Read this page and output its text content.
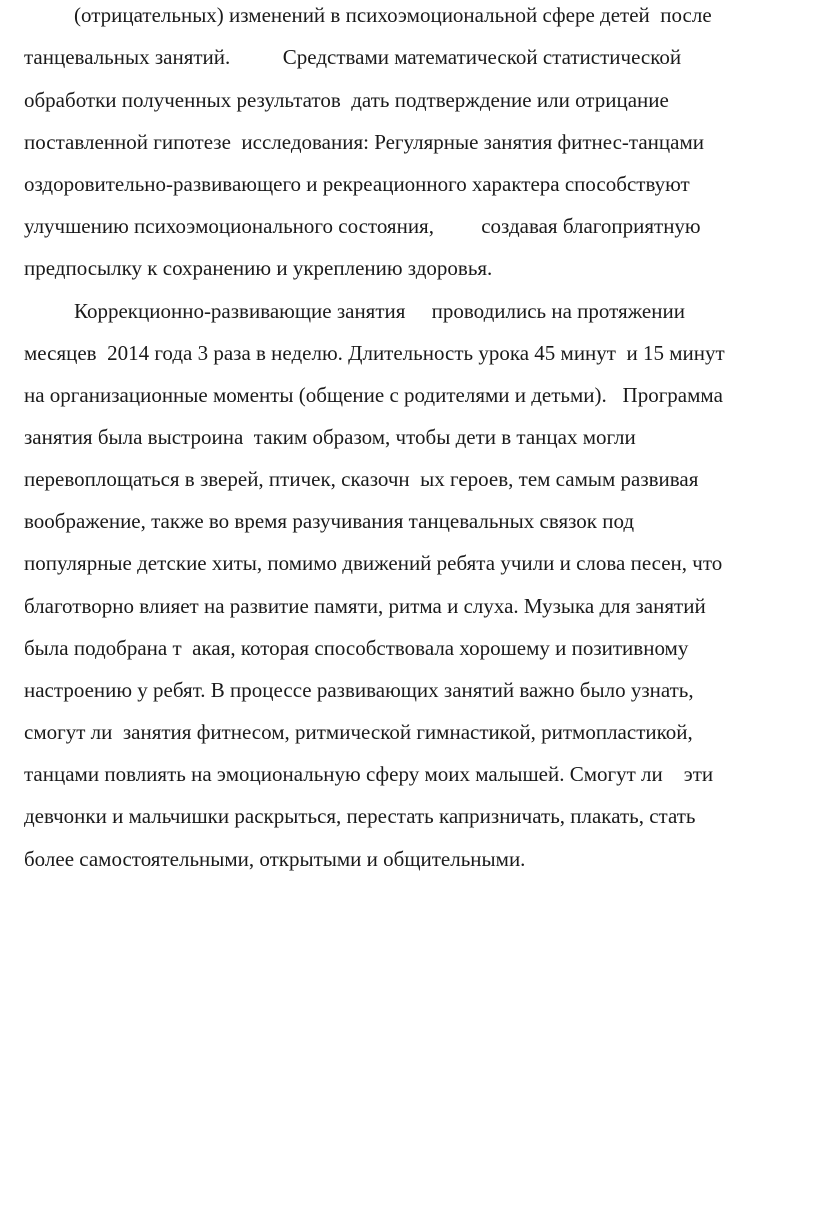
(отрицательных) изменений в психоэмоциональной сфере детей  после
танцевальных занятий.          Средствами математической статистической
обработки полученных результатов  дать подтверждение или отрицание
поставленной гипотезе  исследования: Регулярные занятия фитнес-танцами
оздоровительно-развивающего и рекреационного характера способствуют
улучшению психоэмоционального состояния,         создавая благоприятную
предпосылку к сохранению и укреплению здоровья.
Коррекционно-развивающие занятия     проводились на протяжении
месяцев  2014 года 3 раза в неделю. Длительность урока 45 минут  и 15 минут
на организационные моменты (общение с родителями и детьми).   Программа
занятия была выстроина  таким образом, чтобы дети в танцах могли
перевоплощаться в зверей, птичек, сказочн  ых героев, тем самым развивая
воображение, также во время разучивания танцевальных связок под
популярные детские хиты, помимо движений ребята учили и слова песен, что
благотворно влияет на развитие памяти, ритма и слуха. Музыка для занятий
была подобрана т  акая, которая способствовала хорошему и позитивному
настроению у ребят. В процессе развивающих занятий важно было узнать,
смогут ли  занятия фитнесом, ритмической гимнастикой, ритмопластикой,
танцами повлиять на эмоциональную сферу моих малышей. Смогут ли    эти
девчонки и мальчишки раскрыться, перестать капризничать, плакать, стать
более самостоятельными, открытыми и общительными.
